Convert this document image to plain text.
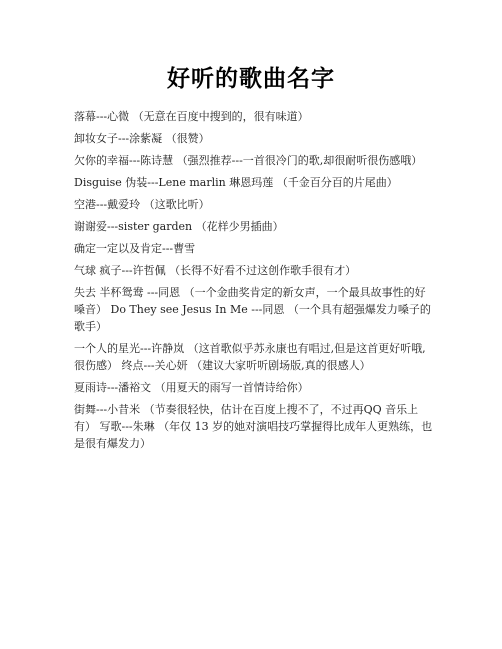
好听的歌曲名字

落幕---心微 （无意在百度中搜到的，很有味道）

卸妆女子---涂紫凝 （很赞）

欠你的幸福---陈诗慧 （强烈推荐---一首很冷门的歌,却很耐听很伤感哦）

Disguise 伪装---Lene marlin 琳恩玛莲 （千金百分百的片尾曲）

空港---戴爱玲 （这歌比听）

谢谢爱---sister garden （花样少男插曲）

确定一定以及肯定---曹雪

气球 疯子---许哲佩 （长得不好看不过这创作歌手很有才）

失去 半杯鸳鸯 ---同恩 （一个金曲奖肯定的新女声，一个最具故事性的好嗓音） Do They see Jesus In Me ---同恩 （一个具有超强爆发力嗓子的歌手）

一个人的星光---许静岚 （这首歌似乎苏永康也有唱过,但是这首更好听哦,很伤感） 终点---关心妍 （建议大家听听剧场版,真的很感人）

夏雨诗---潘裕文 （用夏天的雨写一首情诗给你）

街舞---小昔米 （节奏很轻快，估计在百度上搜不了，不过再QQ 音乐上有） 写歌---朱琳 （年仅 13 岁的她对演唱技巧掌握得比成年人更熟练，也是很有爆发力）
